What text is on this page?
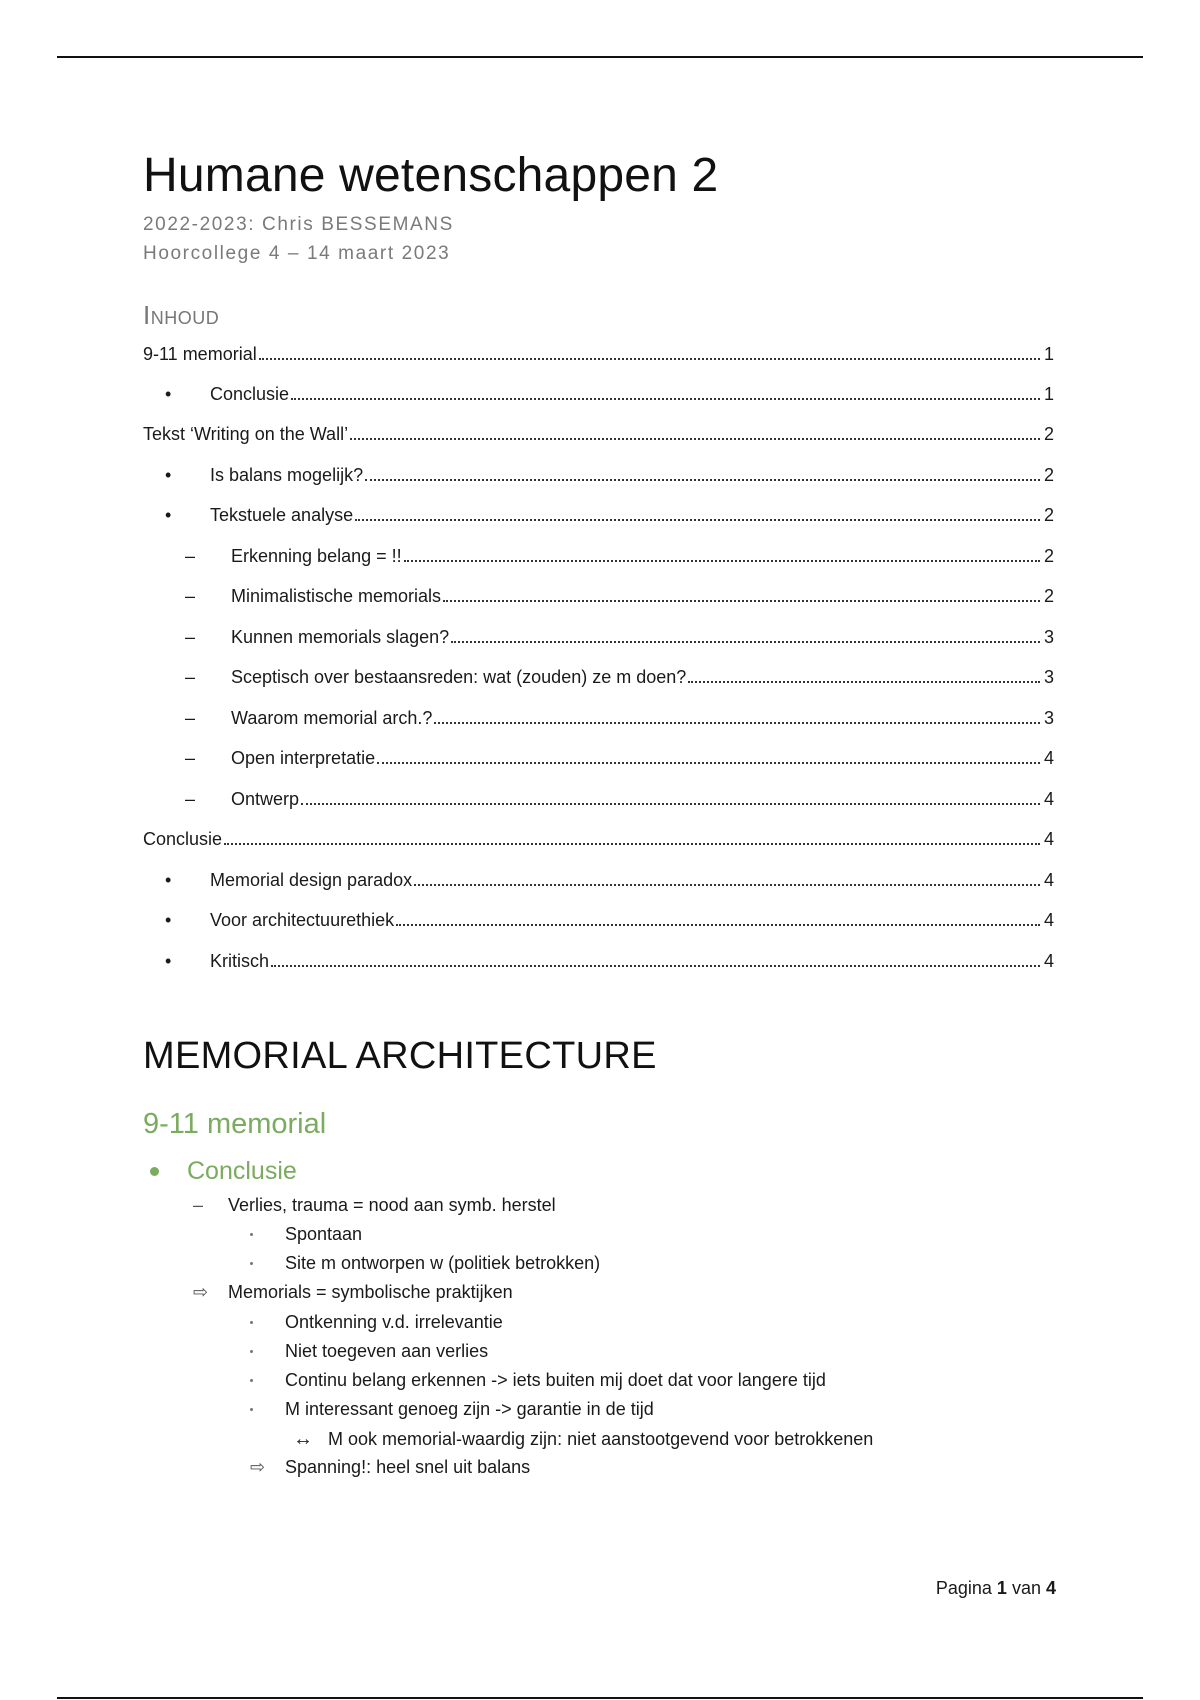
Humane wetenschappen 2
2022-2023: Chris BESSEMANS
Hoorcollege 4 – 14 maart 2023
Inhoud
9-11 memorial	1
•	Conclusie	1
Tekst ‘Writing on the Wall’	2
•	Is balans mogelijk?	2
•	Tekstuele analyse	2
–	Erkenning belang = !!	2
–	Minimalistische memorials	2
–	Kunnen memorials slagen?	3
–	Sceptisch over bestaansreden: wat (zouden) ze m doen?	3
–	Waarom memorial arch.?	3
–	Open interpretatie	4
–	Ontwerp	4
Conclusie	4
•	Memorial design paradox	4
•	Voor architectuurethiek	4
•	Kritisch	4
MEMORIAL ARCHITECTURE
9-11 memorial
Conclusie
–	Verlies, trauma = nood aan symb. herstel
Spontaan
Site m ontworpen w (politiek betrokken)
⇨	Memorials = symbolische praktijken
Ontkenning v.d. irrelevantie
Niet toegeven aan verlies
Continu belang erkennen -> iets buiten mij doet dat voor langere tijd
M interessant genoeg zijn -> garantie in de tijd
↔ M ook memorial-waardig zijn: niet aanstootgevend voor betrokkenen
⇨	Spanning!: heel snel uit balans
Pagina 1 van 4
